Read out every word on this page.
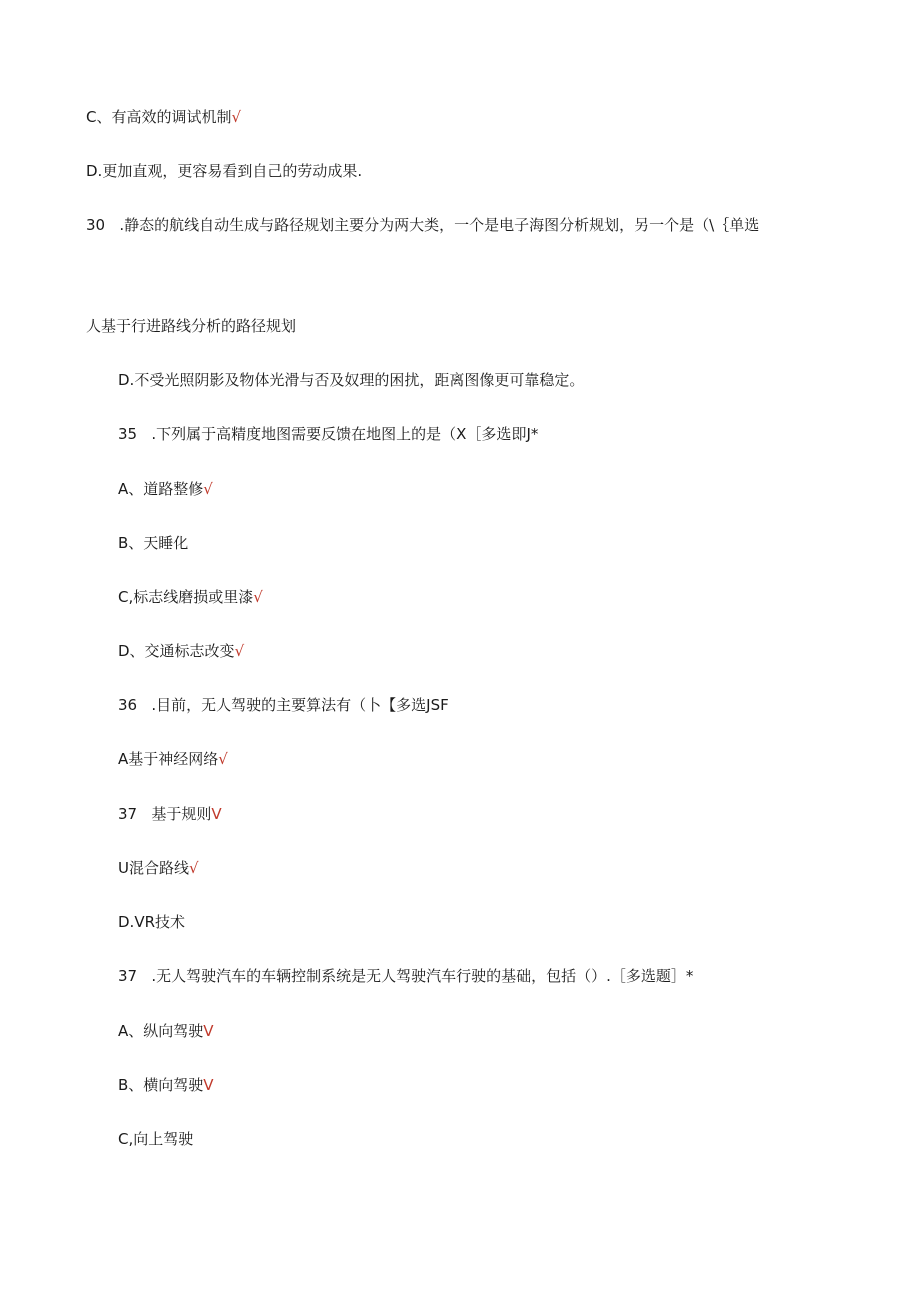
C、有高效的调试机制√
D.更加直观，更容易看到自己的劳动成果.
30   .静态的航线自动生成与路径规划主要分为两大类，一个是电子海图分析规划，另一个是（\｛单选
人基于行进路线分析的路径规划
D.不受光照阴影及物体光滑与否及奴理的困扰，距离图像更可靠稳定。
35   .下列属于高精度地图需要反馈在地图上的是（X［多选即J*
A、道路整修√
B、天睡化
C,标志线磨损或里漆√
D、交通标志改变√
36   .目前，无人驾驶的主要算法有（卜【多选JSF
A基于神经网络√
37   基于规则V
U混合路线√
D.VR技术
37   .无人驾驶汽车的车辆控制系统是无人驾驶汽车行驶的基础，包括（）.［多选题］*
A、纵向驾驶V
B、横向驾驶V
C,向上驾驶
